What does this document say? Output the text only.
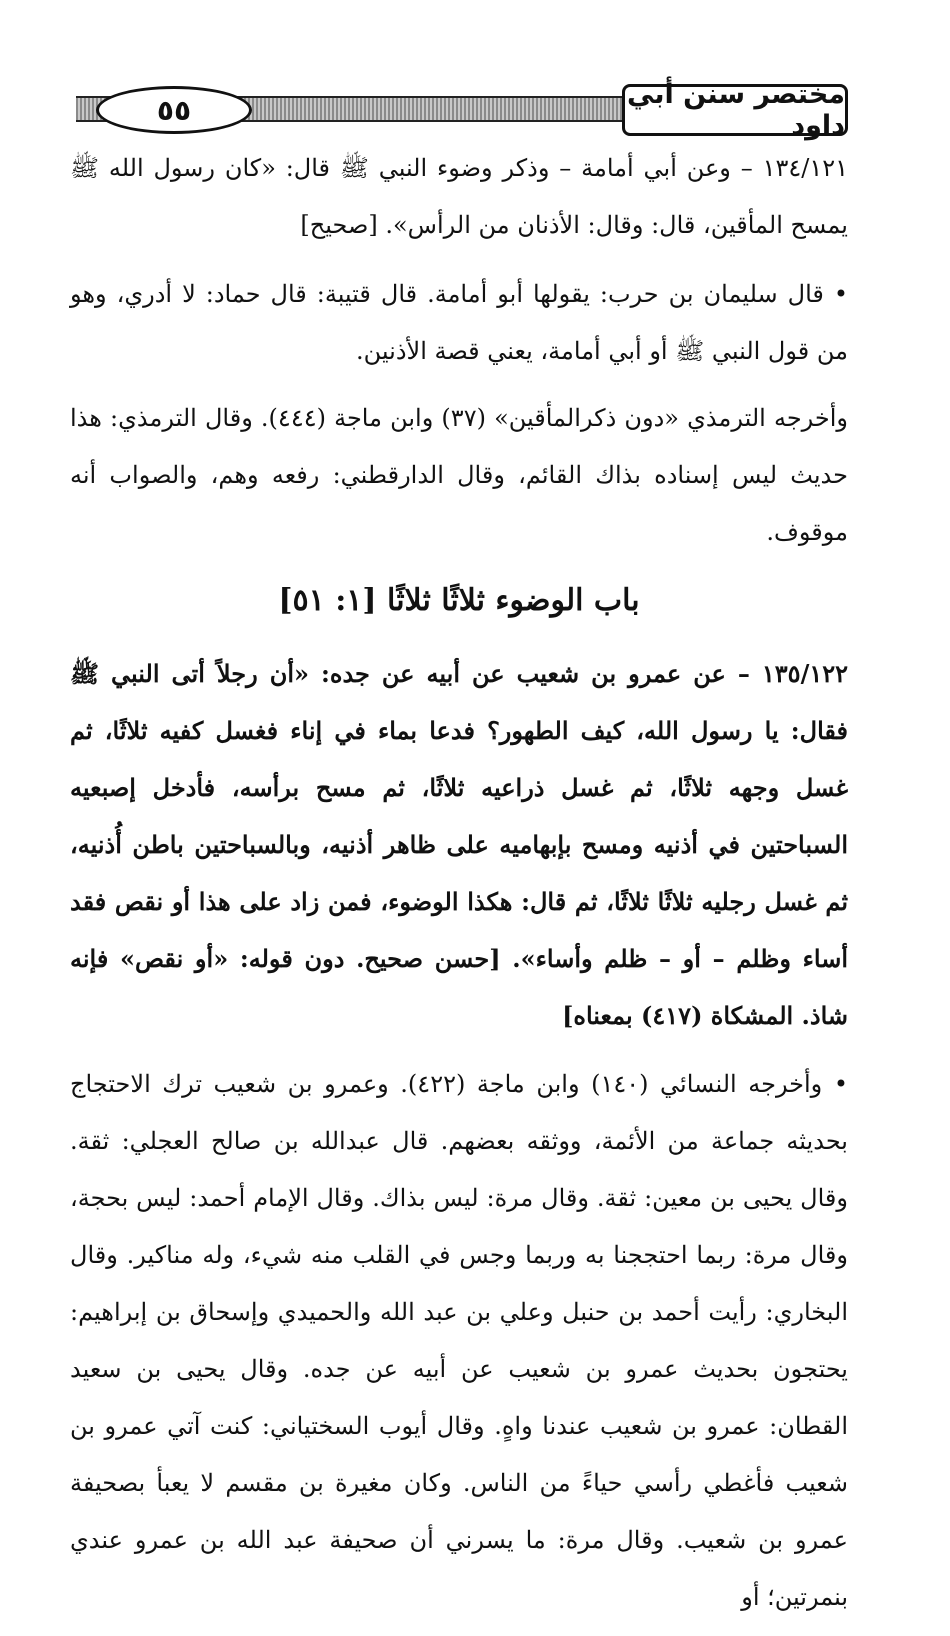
٥٥	مختصر سنن أبي داود

١٣٤/١٢١ – وعن أبي أمامة – وذكر وضوء النبي ﷺ قال: «كان رسول الله ﷺ يمسح المأقين، قال: وقال: الأذنان من الرأس». [صحيح]

• قال سليمان بن حرب: يقولها أبو أمامة. قال قتيبة: قال حماد: لا أدري، وهو من قول النبي ﷺ أو أبي أمامة، يعني قصة الأذنين.

وأخرجه الترمذي «دون ذكرالمأقين» (٣٧) وابن ماجة (٤٤٤). وقال الترمذي: هذا حديث ليس إسناده بذاك القائم، وقال الدارقطني: رفعه وهم، والصواب أنه موقوف.

باب الوضوء ثلاثًا ثلاثًا [١: ٥١]

١٣٥/١٢٢ – عن عمرو بن شعيب عن أبيه عن جده: «أن رجلاً أتى النبي ﷺ فقال: يا رسول الله، كيف الطهور؟ فدعا بماء في إناء فغسل كفيه ثلاثًا، ثم غسل وجهه ثلاثًا، ثم غسل ذراعيه ثلاثًا، ثم مسح برأسه، فأدخل إصبعيه السباحتين في أذنيه ومسح بإبهاميه على ظاهر أذنيه، وبالسباحتين باطن أُذنيه، ثم غسل رجليه ثلاثًا ثلاثًا، ثم قال: هكذا الوضوء، فمن زاد على هذا أو نقص فقد أساء وظلم – أو – ظلم وأساء». [حسن صحيح. دون قوله: «أو نقص» فإنه شاذ. المشكاة (٤١٧) بمعناه]

• وأخرجه النسائي (١٤٠) وابن ماجة (٤٢٢). وعمرو بن شعيب ترك الاحتجاج بحديثه جماعة من الأئمة، ووثقه بعضهم. قال عبدالله بن صالح العجلي: ثقة. وقال يحيى بن معين: ثقة. وقال مرة: ليس بذاك. وقال الإمام أحمد: ليس بحجة، وقال مرة: ربما احتججنا به وربما وجس في القلب منه شيء، وله مناكير. وقال البخاري: رأيت أحمد بن حنبل وعلي بن عبد الله والحميدي وإسحاق بن إبراهيم: يحتجون بحديث عمرو بن شعيب عن أبيه عن جده. وقال يحيى بن سعيد القطان: عمرو بن شعيب عندنا واهٍ. وقال أيوب السختياني: كنت آتي عمرو بن شعيب فأغطي رأسي حياءً من الناس. وكان مغيرة بن مقسم لا يعبأ بصحيفة عمرو بن شعيب. وقال مرة: ما يسرني أن صحيفة عبد الله بن عمرو عندي بنمرتين؛ أو
